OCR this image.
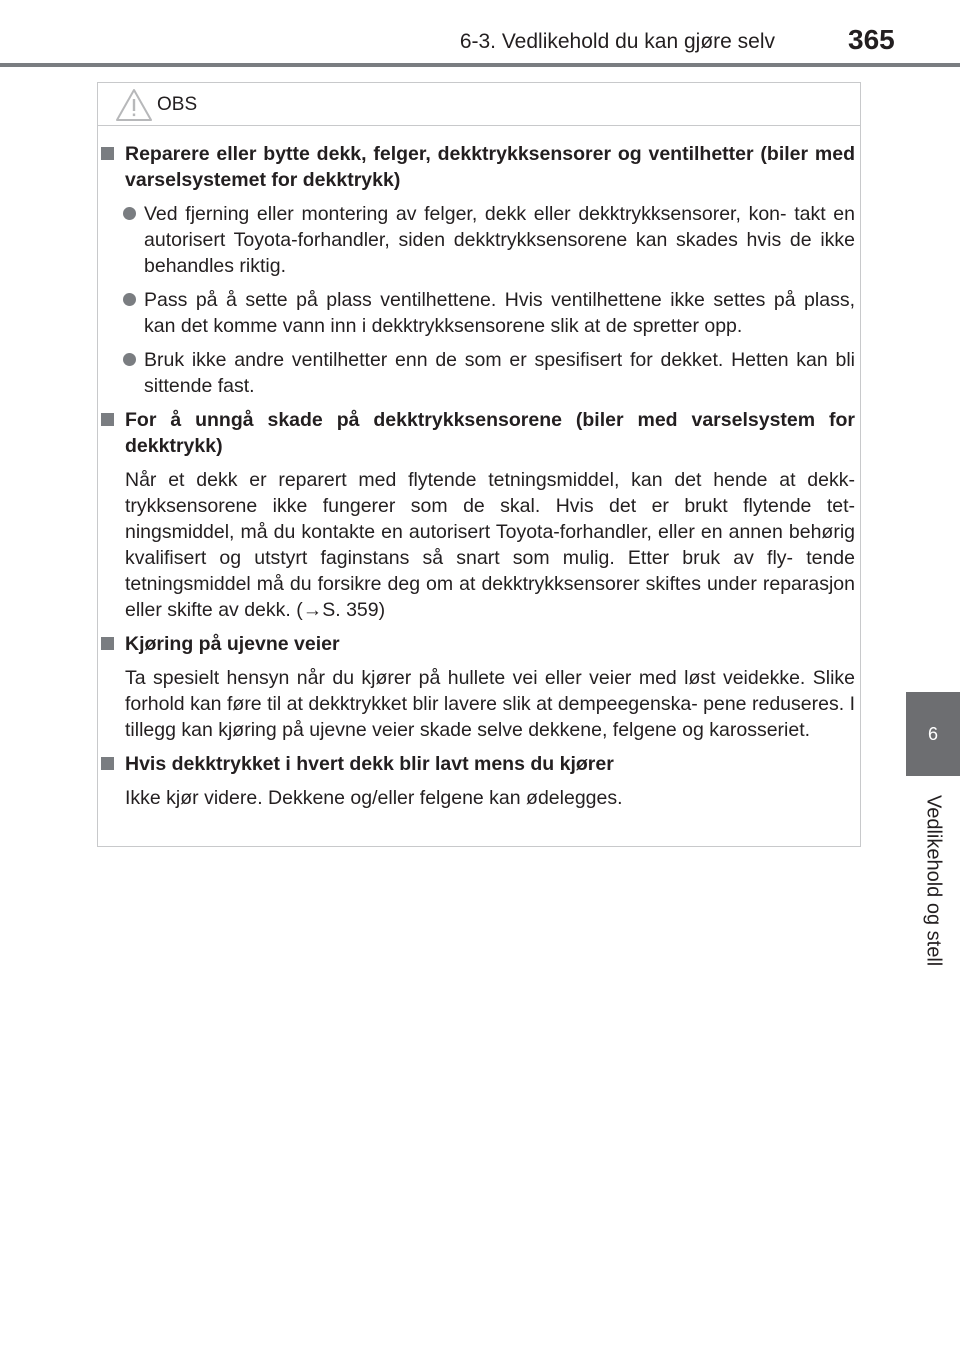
6-3. Vedlikehold du kan gjøre selv	365
6
Vedlikehold og stell
OBS
Reparere eller bytte dekk, felger, dekktrykksensorer og ventilhetter (biler med varselsystemet for dekktrykk)
Ved fjerning eller montering av felger, dekk eller dekktrykksensorer, kon- takt en autorisert Toyota-forhandler, siden dekktrykksensorene kan skades hvis de ikke behandles riktig.
Pass på å sette på plass ventilhettene. Hvis ventilhettene ikke settes på plass, kan det komme vann inn i dekktrykksensorene slik at de spretter opp.
Bruk ikke andre ventilhetter enn de som er spesifisert for dekket. Hetten kan bli sittende fast.
For å unngå skade på dekktrykksensorene (biler med varselsystem for dekktrykk)
Når et dekk er reparert med flytende tetningsmiddel, kan det hende at dekk- trykksensorene ikke fungerer som de skal. Hvis det er brukt flytende tet- ningsmiddel, må du kontakte en autorisert Toyota-forhandler, eller en annen behørig kvalifisert og utstyrt faginstans så snart som mulig. Etter bruk av fly- tende tetningsmiddel må du forsikre deg om at dekktrykksensorer skiftes under reparasjon eller skifte av dekk. (→S. 359)
Kjøring på ujevne veier
Ta spesielt hensyn når du kjører på hullete vei eller veier med løst veidekke. Slike forhold kan føre til at dekktrykket blir lavere slik at dempeegenska- pene reduseres. I tillegg kan kjøring på ujevne veier skade selve dekkene, felgene og karosseriet.
Hvis dekktrykket i hvert dekk blir lavt mens du kjører
Ikke kjør videre. Dekkene og/eller felgene kan ødelegges.
